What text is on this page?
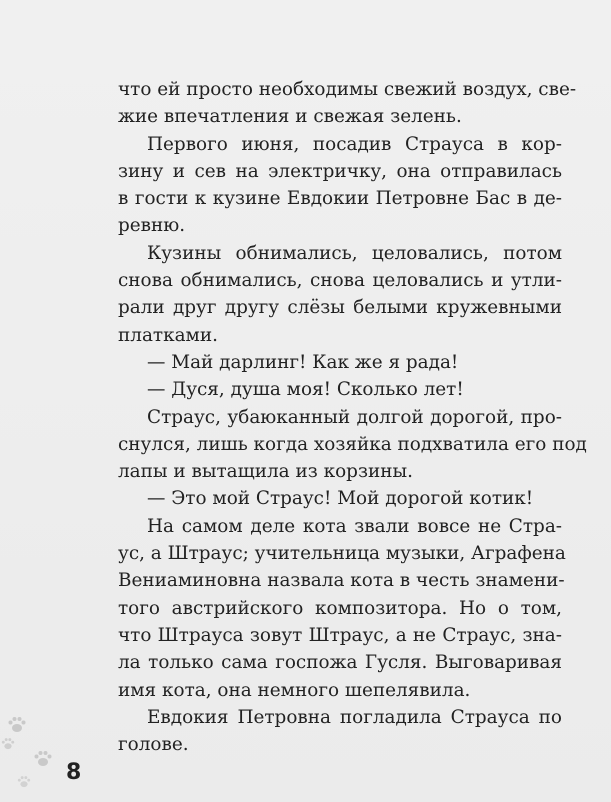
что ей просто необходимы свежий воздух, све-
жие впечатления и свежая зелень.
Первого июня, посадив Страуса в кор-
зину и сев на электричку, она отправилась
в гости к кузине Евдокии Петровне Бас в де-
ревню.
Кузины обнимались, целовались, потом
снова обнимались, снова целовались и утли-
рали друг другу слёзы белыми кружевными
платками.
— Май дарлинг! Как же я рада!
— Дуся, душа моя! Сколько лет!
Страус, убаюканный долгой дорогой, про-
снулся, лишь когда хозяйка подхватила его под
лапы и вытащила из корзины.
— Это мой Страус! Мой дорогой котик!
На самом деле кота звали вовсе не Стра-
ус, а Штраус; учительница музыки, Аграфена
Вениаминовна назвала кота в честь знамени-
того австрийского композитора. Но о том,
что Штрауса зовут Штраус, а не Страус, зна-
ла только сама госпожа Гусля. Выговаривая
имя кота, она немного шепелявила.
Евдокия Петровна погладила Страуса по
голове.
8
